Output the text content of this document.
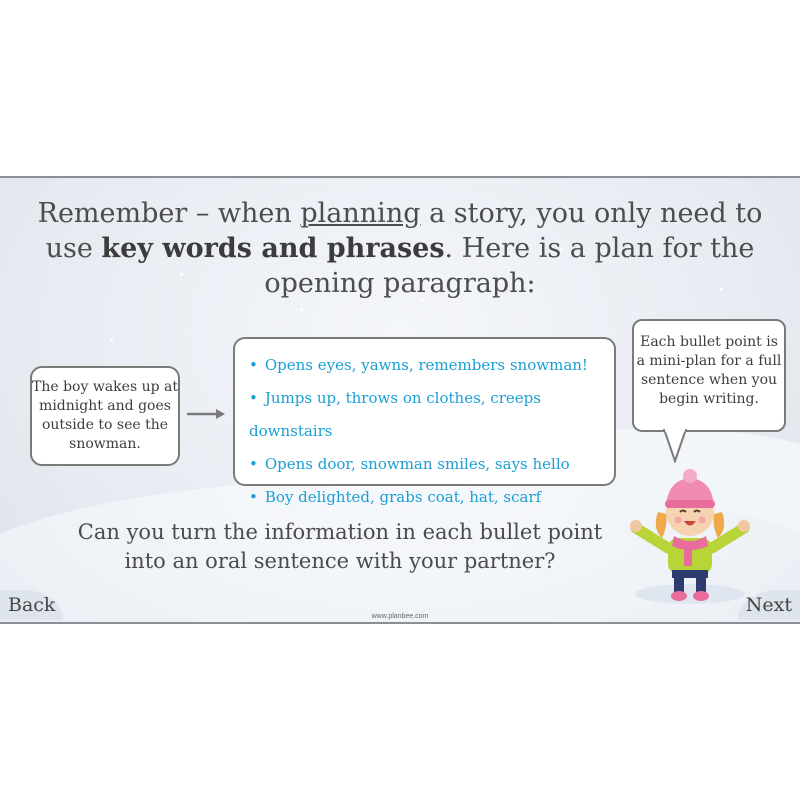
Remember – when planning a story, you only need to use key words and phrases. Here is a plan for the opening paragraph:
The boy wakes up at midnight and goes outside to see the snowman.
• Opens eyes, yawns, remembers snowman!
• Jumps up, throws on clothes, creeps downstairs
• Opens door, snowman smiles, says hello
• Boy delighted, grabs coat, hat, scarf
Each bullet point is a mini-plan for a full sentence when you begin writing.
Can you turn the information in each bullet point into an oral sentence with your partner?
Back
www.planbee.com
Next
